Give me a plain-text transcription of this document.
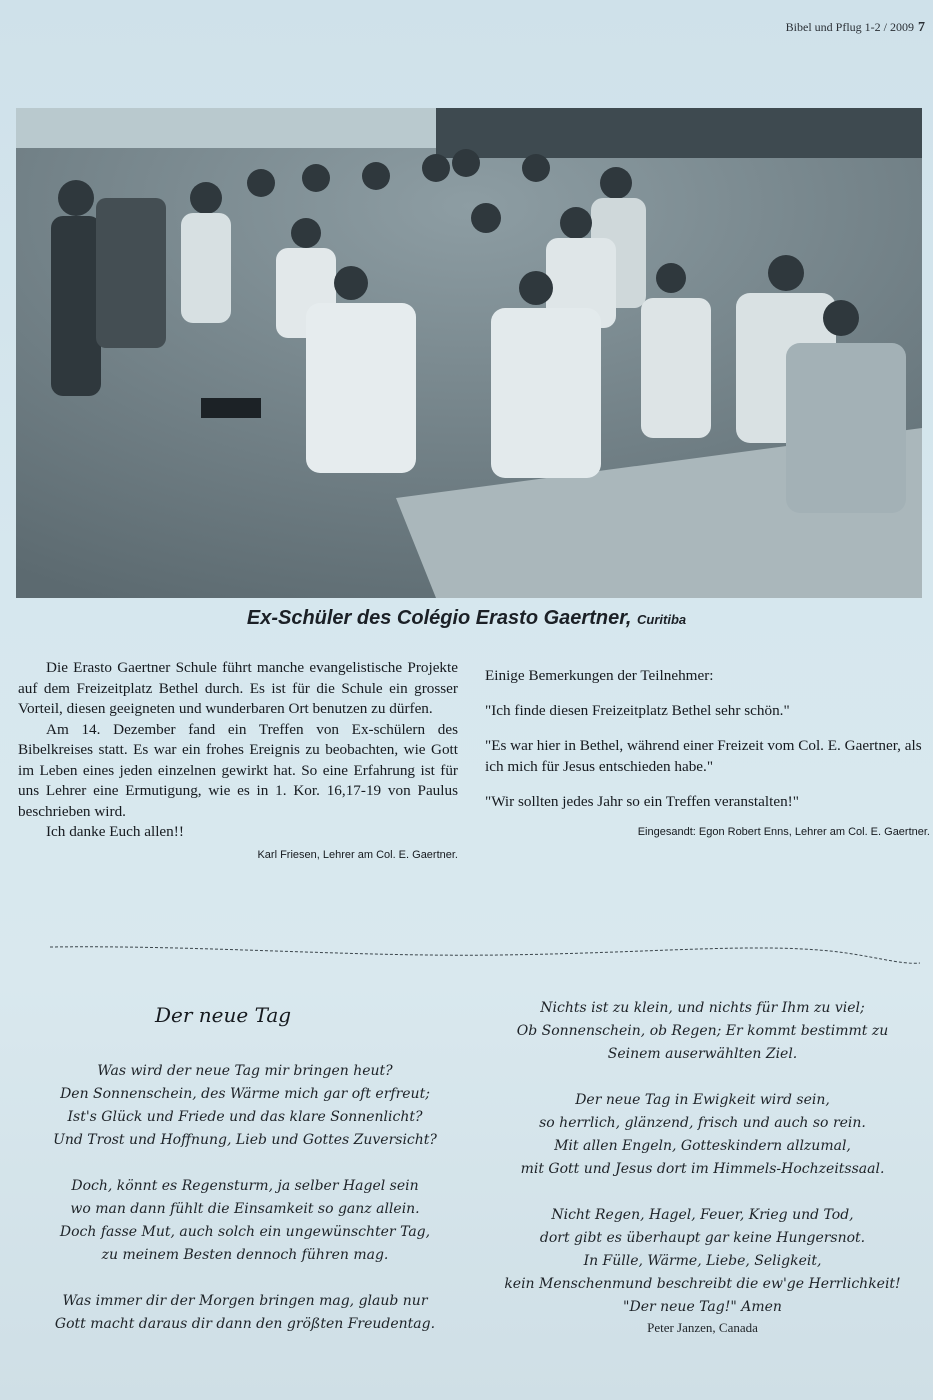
Bibel und Pflug 1-2 / 2009 7
Ex-Schüler des Colégio Erasto Gaertner, Curitiba

Die Erasto Gaertner Schule führt manche evangelistische Projekte auf dem Freizeitplatz Bethel durch. Es ist für die Schule ein grosser Vorteil, diesen geeigneten und wunderbaren Ort benutzen zu dürfen.

Am 14. Dezember fand ein Treffen von Ex-schülern des Bibelkreises statt. Es war ein frohes Ereignis zu beobachten, wie Gott im Leben eines jeden einzelnen gewirkt hat. So eine Erfahrung ist für uns Lehrer eine Ermutigung, wie es in 1. Kor. 16,17-19 von Paulus beschrieben wird.

Ich danke Euch allen!!

Karl Friesen, Lehrer am Col. E. Gaertner.

Einige Bemerkungen der Teilnehmer:

"Ich finde diesen Freizeitplatz Bethel sehr schön."

"Es war hier in Bethel, während einer Freizeit vom Col. E. Gaertner, als ich mich für Jesus entschieden habe."

"Wir sollten jedes Jahr so ein Treffen veranstalten!"

Eingesandt: Egon Robert Enns, Lehrer am Col. E. Gaertner.

Der neue Tag
Was wird der neue Tag mir bringen heut?
Den Sonnenschein, des Wärme mich gar oft erfreut;
Ist's Glück und Friede und das klare Sonnenlicht?
Und Trost und Hoffnung, Lieb und Gottes Zuversicht?
Doch, könnt es Regensturm, ja selber Hagel sein
wo man dann fühlt die Einsamkeit so ganz allein.
Doch fasse Mut, auch solch ein ungewünschter Tag,
zu meinem Besten dennoch führen mag.
Was immer dir der Morgen bringen mag, glaub nur
Gott macht daraus dir dann den größten Freudentag.
Nichts ist zu klein, und nichts für Ihm zu viel;
Ob Sonnenschein, ob Regen; Er kommt bestimmt zu
Seinem auserwählten Ziel.
Der neue Tag in Ewigkeit wird sein,
so herrlich, glänzend, frisch und auch so rein.
Mit allen Engeln, Gotteskindern allzumal,
mit Gott und Jesus dort im Himmels-Hochzeitssaal.
Nicht Regen, Hagel, Feuer, Krieg und Tod,
dort gibt es überhaupt gar keine Hungersnot.
In Fülle, Wärme, Liebe, Seligkeit,
kein Menschenmund beschreibt die ew'ge Herrlichkeit!
"Der neue Tag!" Amen
Peter Janzen, Canada
